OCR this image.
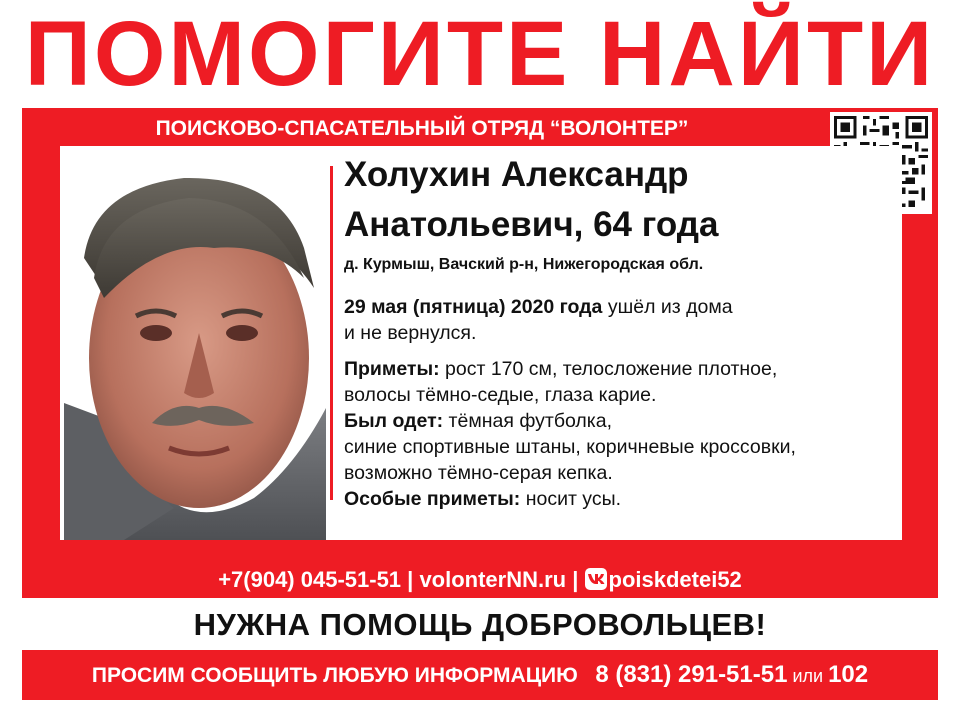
ПОМОГИТЕ НАЙТИ
ПОИСКОВО-СПАСАТЕЛЬНЫЙ ОТРЯД “ВОЛОНТЕР”
Холухин Александр
Анатольевич, 64 года
д. Курмыш, Вачский р-н, Нижегородская обл.

29 мая (пятница) 2020 года ушёл из дома

и не вернулся.

Приметы: рост 170 см, телосложение плотное,

волосы тёмно-седые, глаза карие.

Был одет: тёмная футболка,

синие спортивные штаны, коричневые кроссовки,

возможно тёмно-серая кепка.

Особые приметы: носит усы.

+7(904) 045-51-51 | volonterNN.ru |
poiskdetei52
НУЖНА ПОМОЩЬ ДОБРОВОЛЬЦЕВ!
ПРОСИМ СООБЩИТЬ ЛЮБУЮ ИНФОРМАЦИЮ 8 (831) 291-51-51 или 102
